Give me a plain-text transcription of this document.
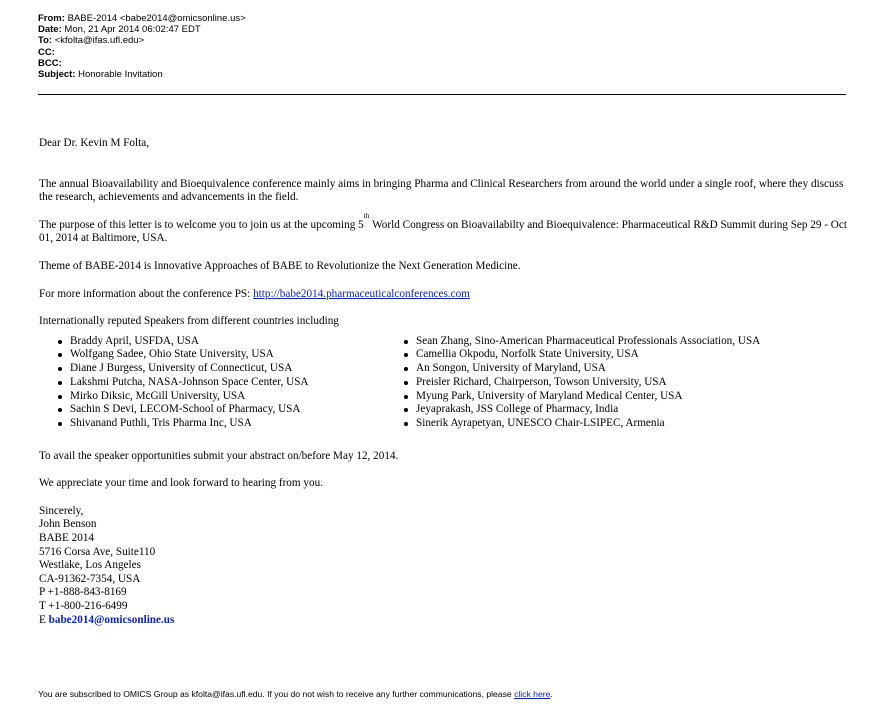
From: BABE-2014 <babe2014@omicsonline.us>
Date: Mon, 21 Apr 2014 06:02:47 EDT
To: <kfolta@ifas.ufl.edu>
CC:
BCC:
Subject: Honorable Invitation

Dear Dr. Kevin M Folta,

The annual Bioavailability and Bioequivalence conference mainly aims in bringing Pharma and Clinical Researchers from around the world under a single roof, where they discuss the research, achievements and advancements in the field.

The purpose of this letter is to welcome you to join us at the upcoming 5th World Congress on Bioavailabilty and Bioequivalence: Pharmaceutical R&D Summit during Sep 29 - Oct 01, 2014 at Baltimore, USA.

Theme of BABE-2014 is Innovative Approaches of BABE to Revolutionize the Next Generation Medicine.

For more information about the conference PS: http://babe2014.pharmaceuticalconferences.com

Internationally reputed Speakers from different countries including

Braddy April, USFDA, USA
Wolfgang Sadee, Ohio State University, USA
Diane J Burgess, University of Connecticut, USA
Lakshmi Putcha, NASA-Johnson Space Center, USA
Mirko Diksic, McGill University, USA
Sachin S Devi, LECOM-School of Pharmacy, USA
Shivanand Puthli, Tris Pharma Inc, USA
Sean Zhang, Sino-American Pharmaceutical Professionals Association, USA
Camellia Okpodu, Norfolk State University, USA
An Songon, University of Maryland, USA
Preisler Richard, Chairperson, Towson University, USA
Myung Park, University of Maryland Medical Center, USA
Jeyaprakash, JSS College of Pharmacy, India
Sinerik Ayrapetyan, UNESCO Chair-LSIPEC, Armenia

To avail the speaker opportunities submit your abstract on/before May 12, 2014.

We appreciate your time and look forward to hearing from you.

Sincerely,

John Benson

BABE 2014

5716 Corsa Ave, Suite110

Westlake, Los Angeles

CA-91362-7354, USA

P +1-888-843-8169

T +1-800-216-6499

E babe2014@omicsonline.us

You are subscribed to OMICS Group as kfolta@ifas.ufl.edu. If you do not wish to receive any further communications, please click here.
